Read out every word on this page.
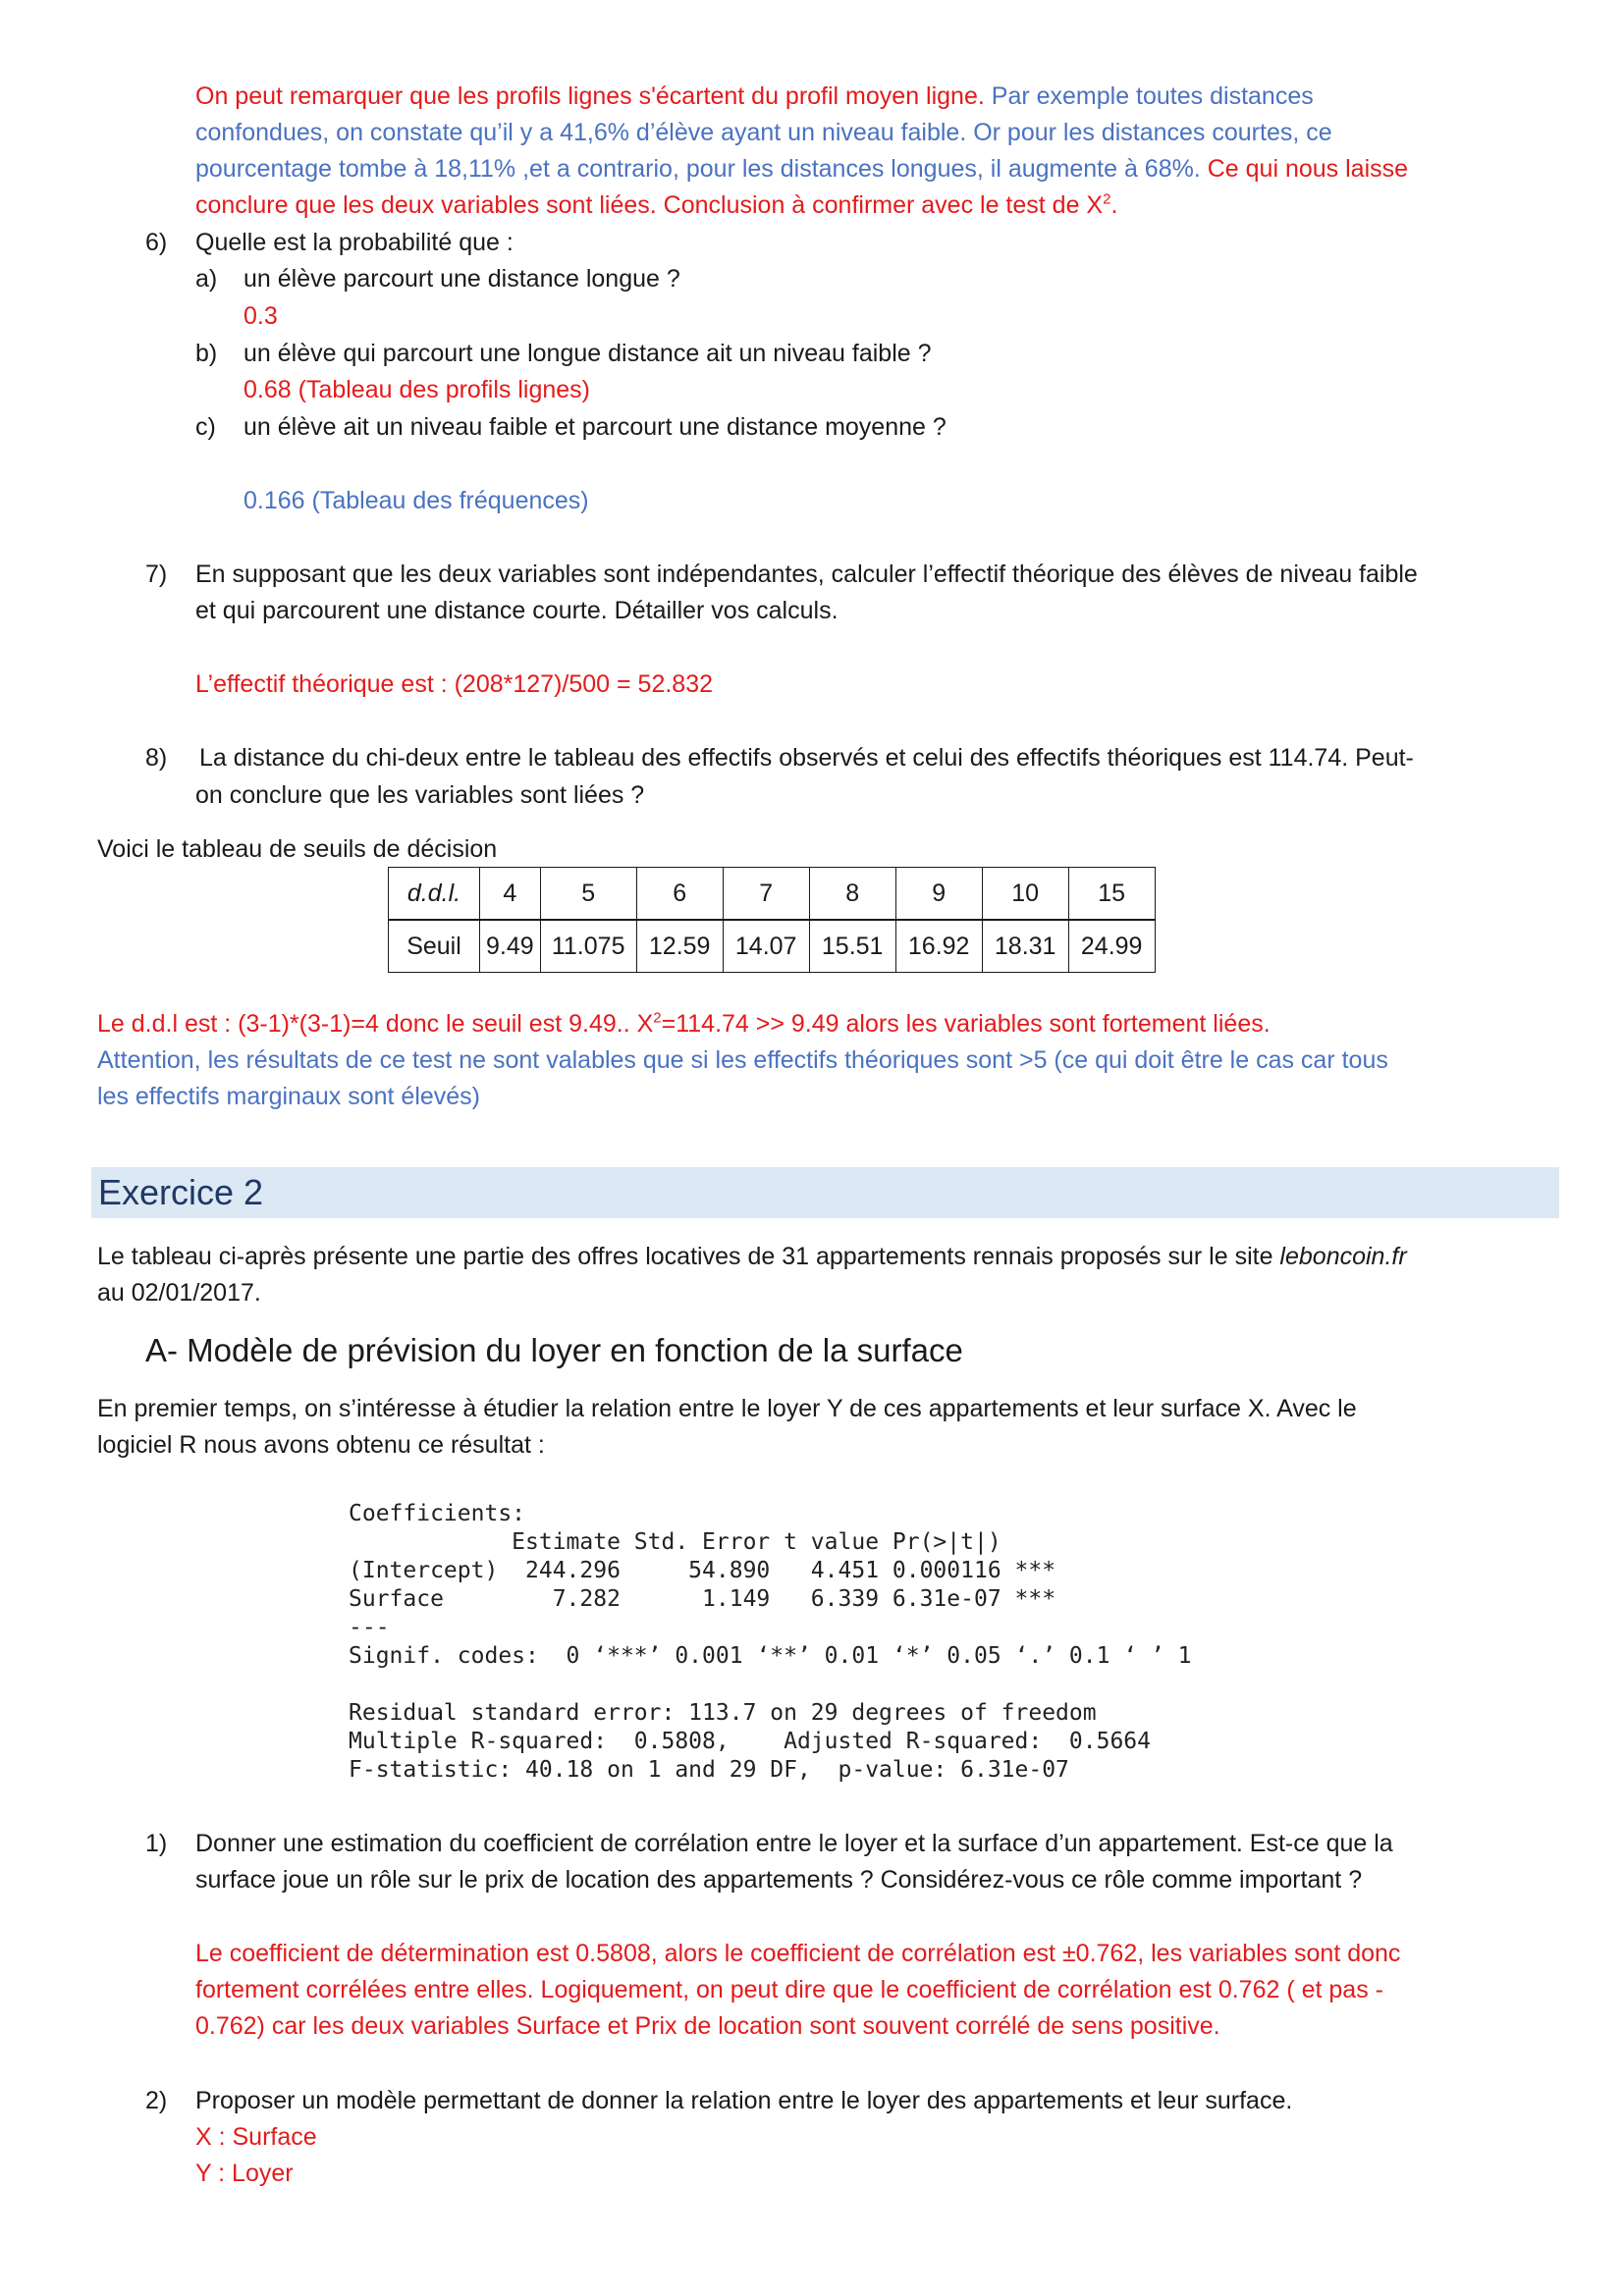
On peut remarquer que les profils lignes s'écartent du profil moyen ligne. Par exemple toutes distances
confondues, on constate qu’il y a 41,6% d’élève ayant un niveau faible. Or pour les distances courtes, ce
pourcentage tombe à 18,11% ,et a contrario, pour les distances longues, il augmente à 68%. Ce qui nous laisse
conclure que les deux variables sont liées. Conclusion à confirmer avec le test de $X^2$.
6) Quelle est la probabilité que :
a) un élève parcourt une distance longue ?
0.3
b) un élève qui parcourt une longue distance ait un niveau faible ?
0.68 (Tableau des profils lignes)
c) un élève ait un niveau faible et parcourt une distance moyenne ?
0.166 (Tableau des fréquences)
7) En supposant que les deux variables sont indépendantes, calculer l’effectif théorique des élèves de niveau faible
et qui parcourent une distance courte. Détailler vos calculs.
L’effectif théorique est : (208*127)/500 = 52.832
8) La distance du chi-deux entre le tableau des effectifs observés et celui des effectifs théoriques est 114.74. Peut-
on conclure que les variables sont liées ?
Voici le tableau de seuils de décision
d.d.l.	4	5	6	7	8	9	10	15
Seuil	9.49	11.075	12.59	14.07	15.51	16.92	18.31	24.99
Le d.d.l est : (3-1)*(3-1)=4 donc le seuil est 9.49.. $X^2=114.74 >> 9.49$ alors les variables sont fortement liées.
Attention, les résultats de ce test ne sont valables que si les effectifs théoriques sont >5 (ce qui doit être le cas car tous
les effectifs marginaux sont élevés)
Exercice 2
Le tableau ci-après présente une partie des offres locatives de 31 appartements rennais proposés sur le site leboncoin.fr
au 02/01/2017.
A- Modèle de prévision du loyer en fonction de la surface
En premier temps, on s’intéresse à étudier la relation entre le loyer Y de ces appartements et leur surface X. Avec le
logiciel R nous avons obtenu ce résultat :
Coefficients:
Estimate Std. Error t value Pr(>|t|)
(Intercept)  244.296     54.890   4.451 0.000116 ***
Surface        7.282      1.149   6.339 6.31e-07 ***
---
Signif. codes:  0 ‘***’ 0.001 ‘**’ 0.01 ‘*’ 0.05 ‘.’ 0.1 ‘ ’ 1
Residual standard error: 113.7 on 29 degrees of freedom
Multiple R-squared:  0.5808,    Adjusted R-squared:  0.5664
F-statistic: 40.18 on 1 and 29 DF,  p-value: 6.31e-07
1) Donner une estimation du coefficient de corrélation entre le loyer et la surface d’un appartement. Est-ce que la
surface joue un rôle sur le prix de location des appartements ? Considérez-vous ce rôle comme important ?
Le coefficient de détermination est 0.5808, alors le coefficient de corrélation est ±0.762, les variables sont donc
fortement corrélées entre elles. Logiquement, on peut dire que le coefficient de corrélation est 0.762 ( et pas -
0.762) car les deux variables Surface et Prix de location sont souvent corrélé de sens positive.
2) Proposer un modèle permettant de donner la relation entre le loyer des appartements et leur surface.
X : Surface
Y : Loyer
